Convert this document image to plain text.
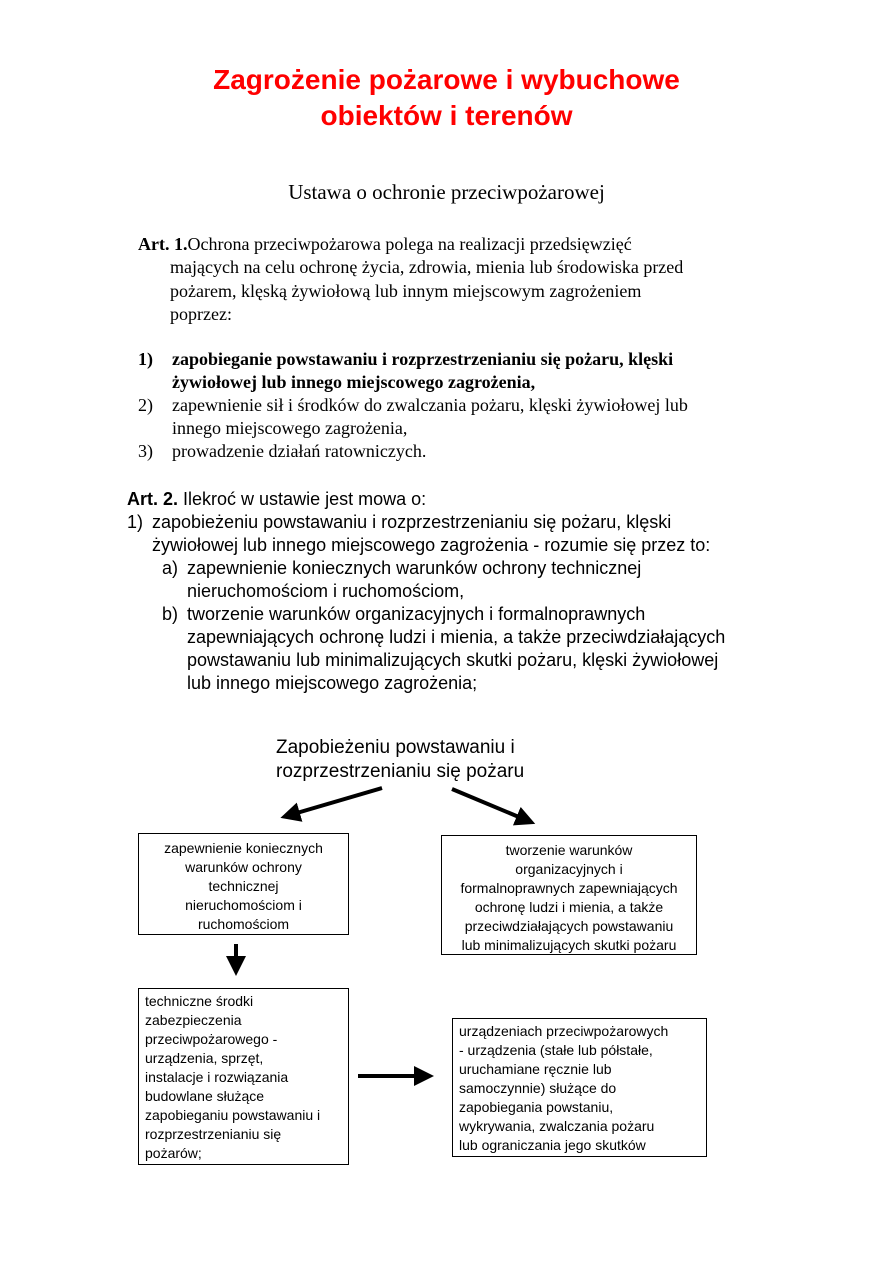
Zagrożenie pożarowe i wybuchowe
obiektów i terenów
Ustawa o ochronie przeciwpożarowej
Art. 1.Ochrona przeciwpożarowa polega na realizacji przedsięwzięć
mających na celu ochronę życia, zdrowia, mienia lub środowiska przed
pożarem, klęską żywiołową lub innym miejscowym zagrożeniem
poprzez:
1) zapobieganie powstawaniu i rozprzestrzenianiu się pożaru, klęski
żywiołowej lub innego miejscowego zagrożenia,
2) zapewnienie sił i środków do zwalczania pożaru, klęski żywiołowej lub
innego miejscowego zagrożenia,
3) prowadzenie działań ratowniczych.
Art. 2. Ilekroć w ustawie jest mowa o:
1) zapobieżeniu powstawaniu i rozprzestrzenianiu się pożaru, klęski
żywiołowej lub innego miejscowego zagrożenia - rozumie się przez to:
a) zapewnienie koniecznych warunków ochrony technicznej
nieruchomościom i ruchomościom,
b) tworzenie warunków organizacyjnych i formalnoprawnych
zapewniających ochronę ludzi i mienia, a także przeciwdziałających
powstawaniu lub minimalizujących skutki pożaru, klęski żywiołowej
lub innego miejscowego zagrożenia;
Zapobieżeniu powstawaniu i
rozprzestrzenianiu się pożaru
zapewnienie koniecznych
warunków ochrony
technicznej
nieruchomościom i
ruchomościom
tworzenie warunków
organizacyjnych i
formalnoprawnych zapewniających
ochronę ludzi i mienia, a także
przeciwdziałających powstawaniu
lub minimalizujących skutki pożaru
techniczne środki
zabezpieczenia
przeciwpożarowego -
urządzenia, sprzęt,
instalacje i rozwiązania
budowlane służące
zapobieganiu powstawaniu i
rozprzestrzenianiu się
pożarów;
urządzeniach przeciwpożarowych
- urządzenia (stałe lub półstałe,
uruchamiane ręcznie lub
samoczynnie) służące do
zapobiegania powstaniu,
wykrywania, zwalczania pożaru
lub ograniczania jego skutków
